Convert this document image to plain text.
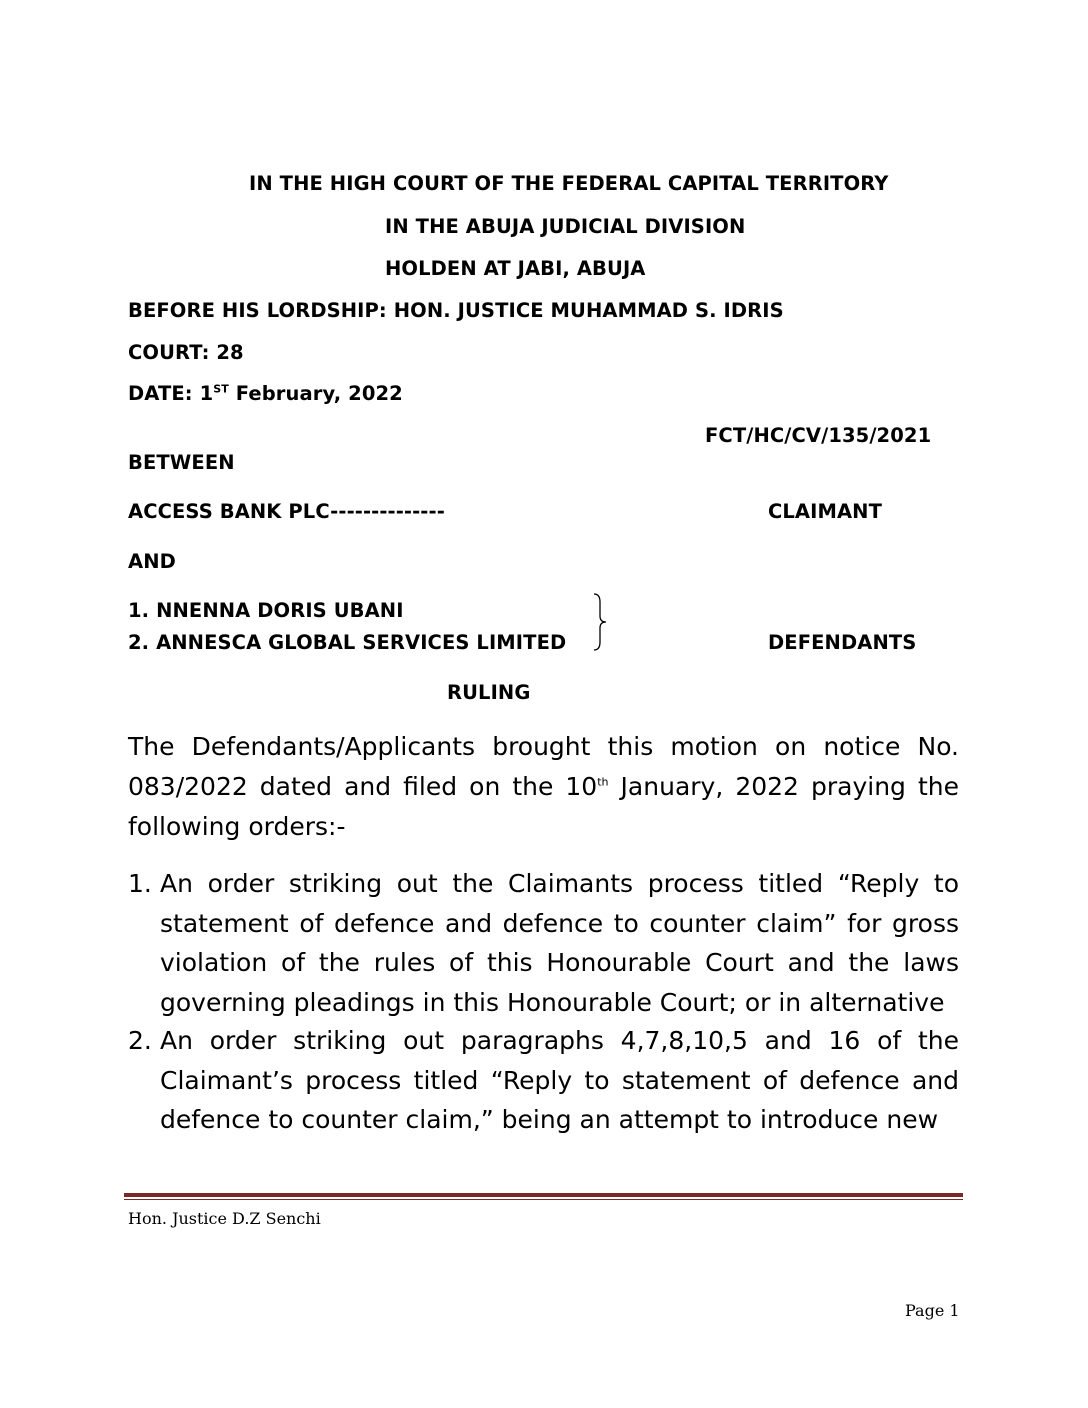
IN THE HIGH COURT OF THE FEDERAL CAPITAL TERRITORY
IN THE ABUJA JUDICIAL DIVISION
HOLDEN AT JABI, ABUJA
BEFORE HIS LORDSHIP: HON. JUSTICE MUHAMMAD S. IDRIS
COURT: 28
DATE: 1ST February, 2022
FCT/HC/CV/135/2021
BETWEEN
ACCESS BANK PLC--------------	CLAIMANT
AND
1. NNENNA DORIS UBANI
2. ANNESCA GLOBAL SERVICES LIMITED	DEFENDANTS
RULING
The Defendants/Applicants brought this motion on notice No. 083/2022 dated and filed on the 10th January, 2022 praying the following orders:-
1. An order striking out the Claimants process titled “Reply to statement of defence and defence to counter claim” for gross violation of the rules of this Honourable Court and the laws governing pleadings in this Honourable Court; or in alternative
2. An order striking out paragraphs 4,7,8,10,5 and 16 of the Claimant’s process titled “Reply to statement of defence and defence to counter claim,” being an attempt to introduce new
Hon. Justice D.Z Senchi
Page 1
